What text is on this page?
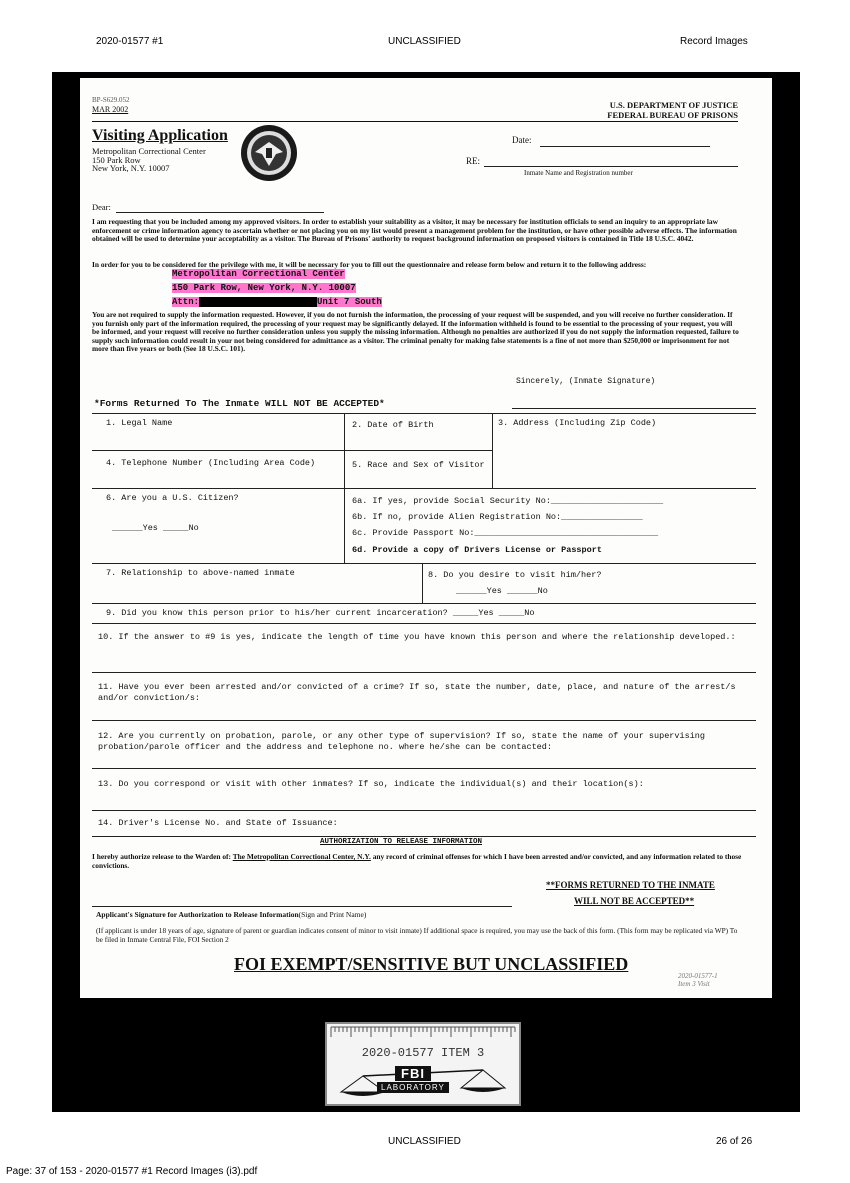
2020-01577 #1	UNCLASSIFIED	Record Images
BP-S629.052
MAR 2002	U.S. DEPARTMENT OF JUSTICE
FEDERAL BUREAU OF PRISONS
Visiting Application
Metropolitan Correctional Center
150 Park Row
New York, N.Y. 10007
Date:
RE:
Inmate Name and Registration number
Dear:
I am requesting that you be included among my approved visitors. In order to establish your suitability as a visitor, it may be necessary for institution officials to send an inquiry to an appropriate law enforcement or crime information agency to ascertain whether or not placing you on my list would present a management problem for the institution, or have other possible adverse effects. The information obtained will be used to determine your acceptability as a visitor. The Bureau of Prisons' authority to request background information on proposed visitors is contained in Title 18 U.S.C. 4042.
In order for you to be considered for the privilege with me, it will be necessary for you to fill out the questionnaire and release form below and return it to the following address:
Metropolitan Correctional Center
150 Park Row, New York, N.Y. 10007
Attn:	Unit 7 South
You are not required to supply the information requested. However, if you do not furnish the information, the processing of your request will be suspended, and you will receive no further consideration. If you furnish only part of the information required, the processing of your request may be significantly delayed. If the information withheld is found to be essential to the processing of your request, you will be informed, and your request will receive no further consideration unless you supply the missing information. Although no penalties are authorized if you do not supply the information requested, failure to supply such information could result in your not being considered for admittance as a visitor. The criminal penalty for making false statements is a fine of not more than $250,000 or imprisonment for not more than five years or both (See 18 U.S.C. 101).
Sincerely, (Inmate Signature)
*Forms Returned To The Inmate WILL NOT BE ACCEPTED*
1. Legal Name	2. Date of Birth	3. Address (Including Zip Code)
4. Telephone Number (Including Area Code)	5. Race and Sex of Visitor
6. Are you a U.S. Citizen?
______Yes _____No
6a. If yes, provide Social Security No:______________________
6b. If no, provide Alien Registration No:________________
6c. Provide Passport No:____________________________________
6d. Provide a copy of Drivers License or Passport
7. Relationship to above-named inmate	8. Do you desire to visit him/her?
______Yes ______No
9. Did you know this person prior to his/her current incarceration? _____Yes _____No
10. If the answer to #9 is yes, indicate the length of time you have known this person and where the relationship developed.:
11. Have you ever been arrested and/or convicted of a crime? If so, state the number, date, place, and nature of the arrest/s and/or conviction/s:
12. Are you currently on probation, parole, or any other type of supervision? If so, state the name of your supervising probation/parole officer and the address and telephone no. where he/she can be contacted:
13. Do you correspond or visit with other inmates? If so, indicate the individual(s) and their location(s):
14. Driver's License No. and State of Issuance:
AUTHORIZATION TO RELEASE INFORMATION
I hereby authorize release to the Warden of: The Metropolitan Correctional Center, N.Y. any record of criminal offenses for which I have been arrested and/or convicted, and any information related to those convictions.
**FORMS RETURNED TO THE INMATE
WILL NOT BE ACCEPTED**
Applicant's Signature for Authorization to Release Information(Sign and Print Name)
(If applicant is under 18 years of age, signature of parent or guardian indicates consent of minor to visit inmate) If additional space is required, you may use the back of this form. (This form may be replicated via WP) To be filed in Inmate Central File, FOI Section 2
FOI EXEMPT/SENSITIVE BUT UNCLASSIFIED
2020-01577-1
Item 3 Visit
2020-01577 ITEM 3
FBI
LABORATORY
UNCLASSIFIED	26 of 26
Page: 37 of 153 - 2020-01577 #1 Record Images (i3).pdf
